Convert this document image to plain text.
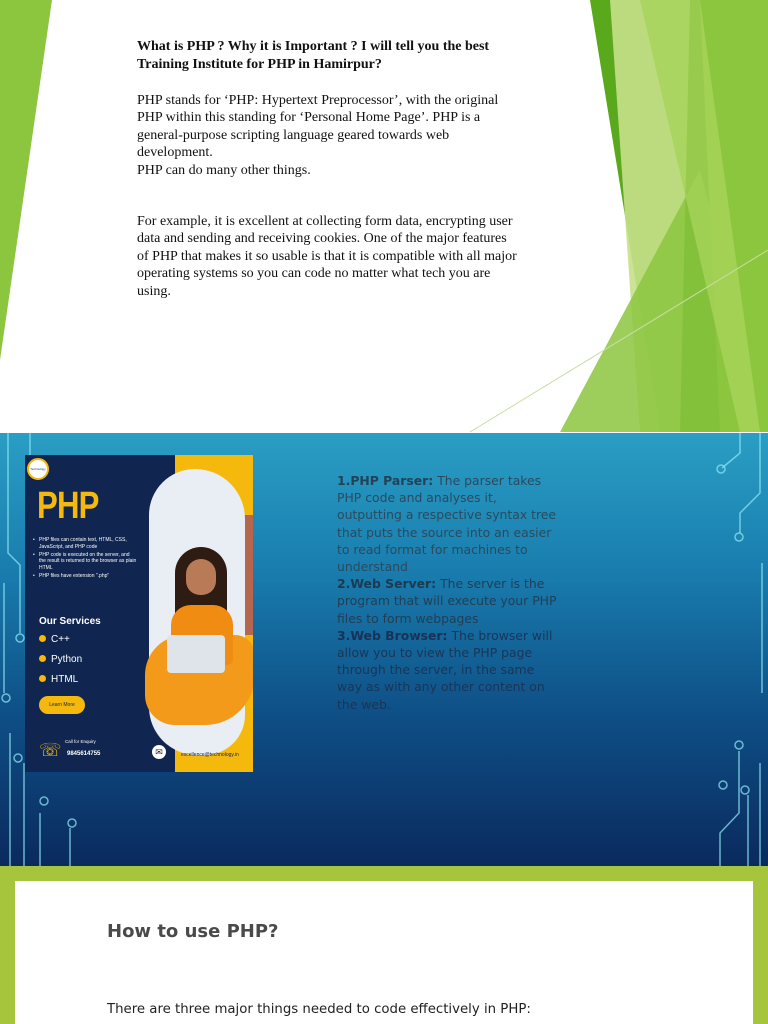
What is PHP ? Why it is Important ? I will tell you the best Training Institute for PHP in Hamirpur?

PHP stands for ‘PHP: Hypertext Preprocessor’, with the original PHP within this standing for ‘Personal Home Page’. PHP is a general-purpose scripting language geared towards web development.

PHP can do many other things.

For example, it is excellent at collecting form data, encrypting user data and sending and receiving cookies. One of the major features of PHP that makes it so usable is that it is compatible with all major operating systems so you can code no matter what tech you are using.

Technology
PHP
• PHP files can contain text, HTML, CSS, JavaScript, and PHP code
• PHP code is executed on the server, and the result is returned to the browser as plain HTML
• PHP files have extension ".php"
Our Services
C++
Python
HTML
Learn More
☏ Call for Enquiry
9845614755	✉	excellence@technology.in

1.PHP Parser: The parser takes PHP code and analyses it, outputting a respective syntax tree that puts the source into an easier to read format for machines to understand

2.Web Server: The server is the program that will execute your PHP files to form webpages

3.Web Browser: The browser will allow you to view the PHP page through the server, in the same way as with any other content on the web.

How to use PHP?

There are three major things needed to code effectively in PHP:
